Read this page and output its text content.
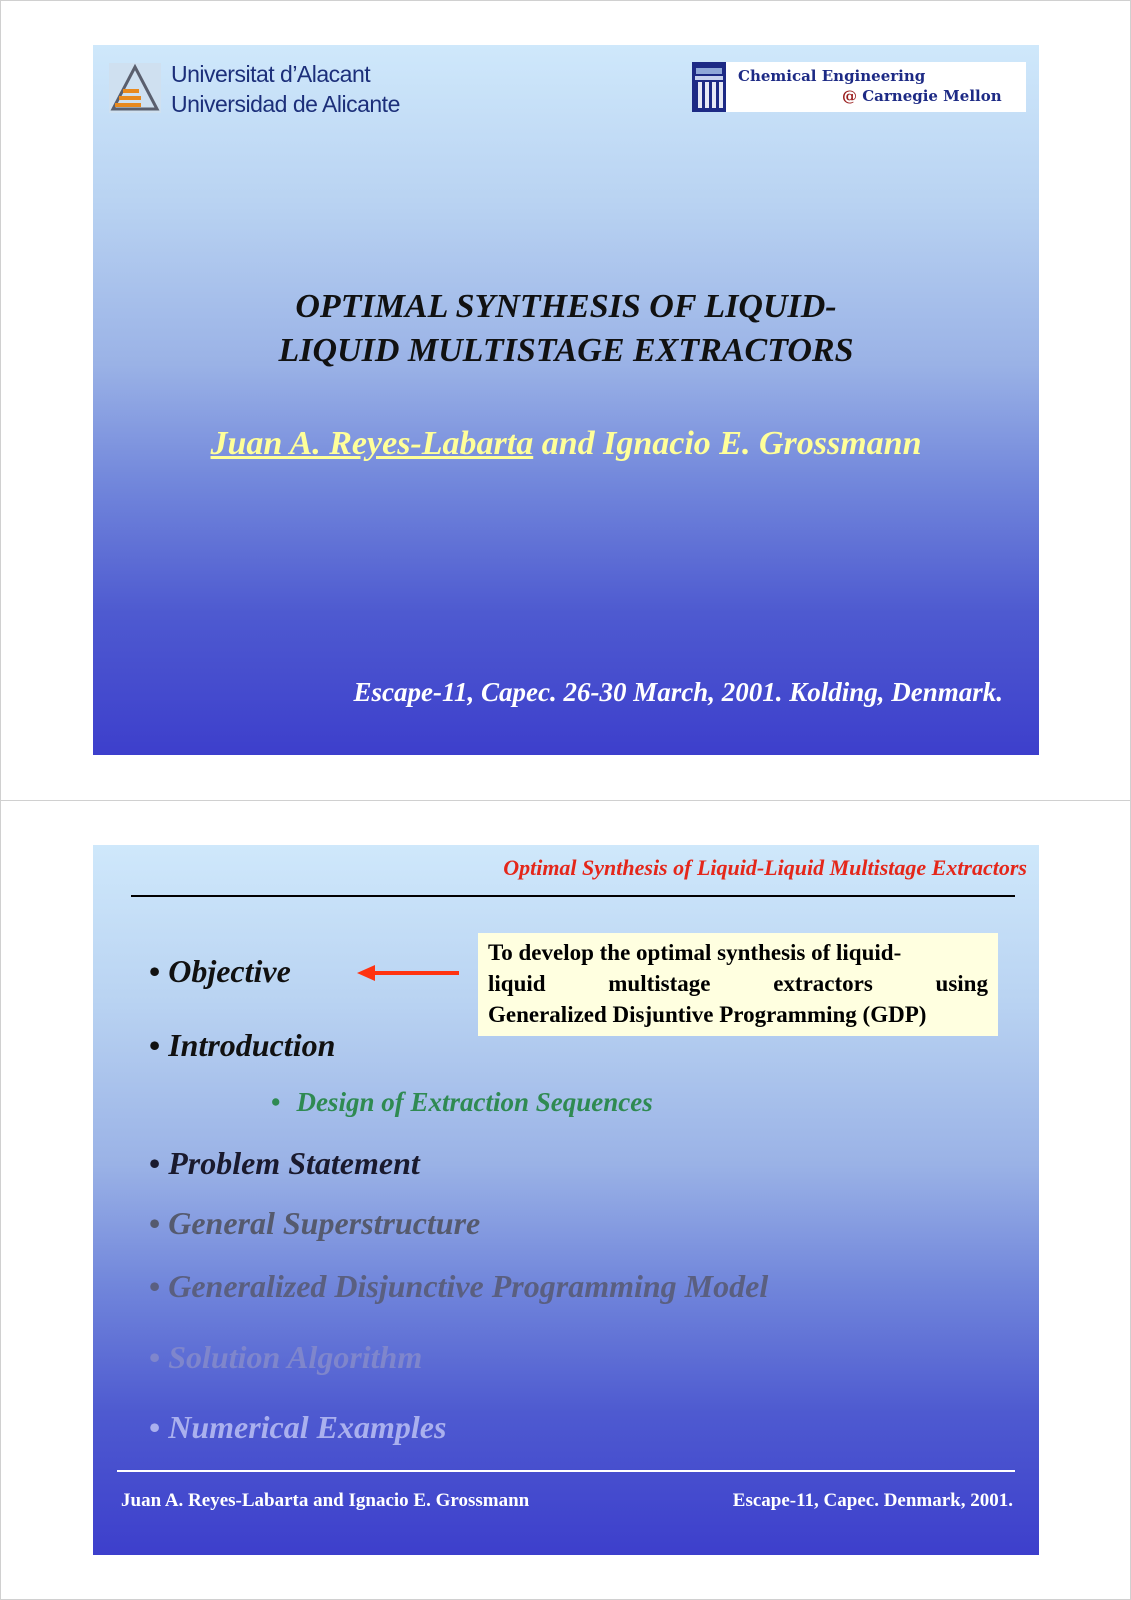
Universitat d’Alacant
Universidad de Alicante
Chemical Engineering
@ Carnegie Mellon
OPTIMAL SYNTHESIS OF LIQUID-
LIQUID MULTISTAGE EXTRACTORS
Juan A. Reyes-Labarta and Ignacio E. Grossmann
Escape-11, Capec. 26-30 March, 2001. Kolding, Denmark.
Optimal Synthesis of Liquid-Liquid Multistage Extractors
• Objective
To develop the optimal synthesis of liquid-
liquid	multistage	extractors	using
Generalized Disjuntive Programming (GDP)
• Introduction
• Design of Extraction Sequences
• Problem Statement
• General Superstructure
• Generalized Disjunctive Programming Model
• Solution Algorithm
• Numerical Examples
Juan A. Reyes-Labarta and Ignacio E. Grossmann	Escape-11, Capec. Denmark, 2001.
